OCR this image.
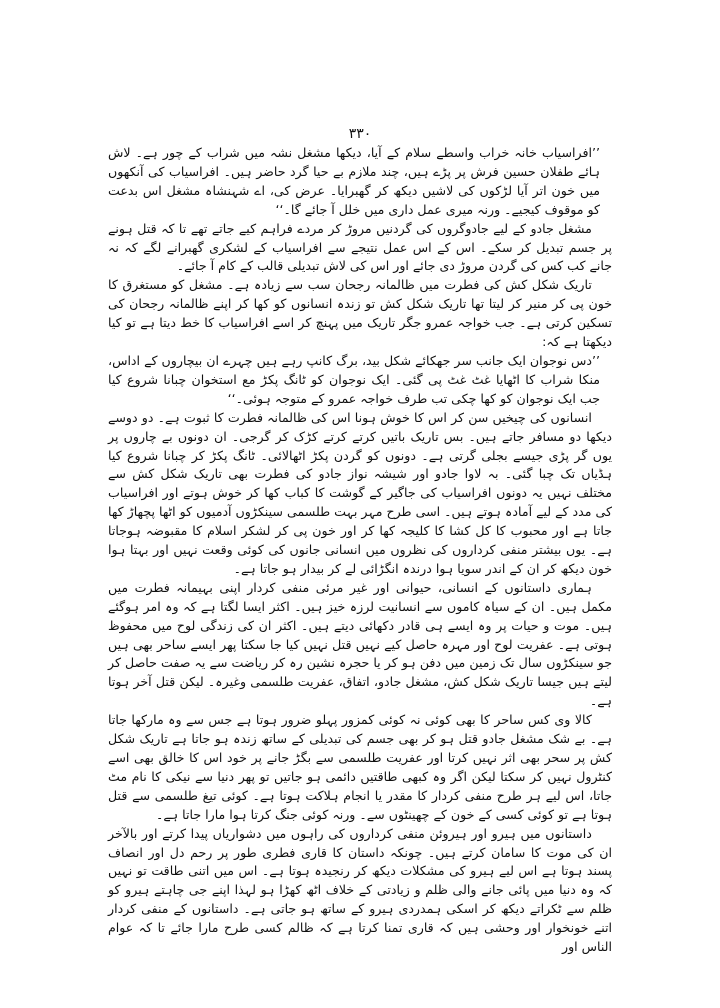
۳۳۰

’’افراسیاب خانہ خراب واسطے سلام کے آیا، دیکھا مشغل نشہ میں شراب کے چور ہے۔ لاش ہائے طفلان حسین فرش پر پڑے ہیں، چند ملازم بے حیا گرد حاضر ہیں۔ افراسیاب کی آنکھوں میں خون اتر آیا لڑکوں کی لاشیں دیکھ کر گھبرایا۔ عرض کی، اے شہنشاہ مشغل اس بدعت کو موقوف کیجیے۔ ورنہ میری عمل داری میں خلل آ جائے گا۔‘‘

مشغل جادو کے لیے جادوگروں کی گردنیں مروڑ کر مردے فراہم کیے جاتے تھے تا کہ قتل ہونے پر جسم تبدیل کر سکے۔ اس کے اس عمل نتیجے سے افراسیاب کے لشکری گھبرانے لگے کہ نہ جانے کب کس کی گردن مروڑ دی جائے اور اس کی لاش تبدیلی قالب کے کام آ جائے۔

تاریک شکل کش کی فطرت میں ظالمانہ رجحان سب سے زیادہ ہے۔ مشغل کو مستغرق کا خون پی کر منیر کر لیتا تھا تاریک شکل کش تو زندہ انسانوں کو کھا کر اپنے ظالمانہ رجحان کی تسکین کرتی ہے۔ جب خواجہ عمرو جگر تاریک میں پہنچ کر اسے افراسیاب کا خط دیتا ہے تو کیا دیکھتا ہے کہ:

’’دس نوجوان ایک جانب سر جھکائے شکل بید، برگ کانپ رہے ہیں چہرے ان بیچاروں کے اداس، منکا شراب کا اٹھایا غٹ غٹ پی گئی۔ ایک نوجوان کو ٹانگ پکڑ مع استخوان چبانا شروع کیا جب ایک نوجوان کو کھا چکی تب طرف خواجہ عمرو کے متوجہ ہوئی۔‘‘

انسانوں کی چیخیں سن کر اس کا خوش ہونا اس کی ظالمانہ فطرت کا ثبوت ہے۔ دو دوسے دیکھا دو مسافر جاتے ہیں۔ بس تاریک باتیں کرتے کرتے کڑک کر گرجی۔ ان دونوں بے چاروں پر یوں گر پڑی جیسے بجلی گرتی ہے۔ دونوں کو گردن پکڑ اٹھالائی۔ ٹانگ پکڑ کر چبانا شروع کیا ہڈیاں تک چبا گئی۔ بہ لاوا جادو اور شیشہ نواز جادو کی فطرت بھی تاریک شکل کش سے مختلف نہیں یہ دونوں افراسیاب کی جاگیر کے گوشت کا کباب کھا کر خوش ہوتے اور افراسیاب کی مدد کے لیے آمادہ ہوتے ہیں۔ اسی طرح مہر بہت طلسمی سینکڑوں آدمیوں کو اٹھا پچھاڑ کھا جاتا ہے اور محبوب کا کل کشا کا کلیجہ کھا کر اور خون پی کر لشکر اسلام کا مقبوضہ ہوجاتا ہے۔ یوں بیشتر منفی کرداروں کی نظروں میں انسانی جانوں کی کوئی وقعت نہیں اور بہتا ہوا خون دیکھ کر ان کے اندر سویا ہوا درندہ انگڑائی لے کر بیدار ہو جاتا ہے۔

ہماری داستانوں کے انسانی، حیوانی اور غیر مرئی منفی کردار اپنی بہیمانہ فطرت میں مکمل ہیں۔ ان کے سیاہ کاموں سے انسانیت لرزہ خیز ہیں۔ اکثر ایسا لگتا ہے کہ وہ امر ہوگئے ہیں۔ موت و حیات پر وہ ایسے ہی قادر دکھائی دیتے ہیں۔ اکثر ان کی زندگی لوح میں محفوظ ہوتی ہے۔ عفریت لوح اور مہرہ حاصل کیے نہیں قتل نہیں کیا جا سکتا پھر ایسے ساحر بھی ہیں جو سینکڑوں سال تک زمین میں دفن ہو کر یا حجرہ نشین رہ کر ریاضت سے یہ صفت حاصل کر لیتے ہیں جیسا تاریک شکل کش، مشغل جادو، اتفاق، عفریت طلسمی وغیرہ۔ لیکن قتل آخر ہوتا ہے۔

کالا وی کس ساحر کا بھی کوئی نہ کوئی کمزور پہلو ضرور ہوتا ہے جس سے وہ مارکھا جاتا ہے۔ بے شک مشغل جادو قتل ہو کر بھی جسم کی تبدیلی کے ساتھ زندہ ہو جاتا ہے تاریک شکل کش پر سحر بھی اثر نہیں کرتا اور عفریت طلسمی سے بگڑ جانے پر خود اس کا خالق بھی اسے کنٹرول نہیں کر سکتا لیکن اگر وہ کبھی طاقتیں دائمی ہو جاتیں تو پھر دنیا سے نیکی کا نام مٹ جاتا، اس لیے ہر طرح منفی کردار کا مقدر یا انجام ہلاکت ہوتا ہے۔ کوئی تیغ طلسمی سے قتل ہوتا ہے تو کوئی کسی کے خون کے چھینٹوں سے۔ ورنہ کوئی جنگ کرتا ہوا مارا جاتا ہے۔

داستانوں میں ہیرو اور ہیروئن منفی کرداروں کی راہوں میں دشواریاں پیدا کرتے اور بالآخر ان کی موت کا سامان کرتے ہیں۔ چونکہ داستان کا قاری فطری طور پر رحم دل اور انصاف پسند ہوتا ہے اس لیے ہیرو کی مشکلات دیکھ کر رنجیدہ ہوتا ہے۔ اس میں اتنی طاقت تو نہیں کہ وہ دنیا میں پائی جانے والی ظلم و زیادتی کے خلاف اٹھ کھڑا ہو لہذا اپنے جی چاہتے ہیرو کو ظلم سے ٹکراتے دیکھ کر اسکی ہمدردی ہیرو کے ساتھ ہو جاتی ہے۔ داستانوں کے منفی کردار اتنے خونخوار اور وحشی ہیں کہ قاری تمنا کرتا ہے کہ ظالم کسی طرح مارا جائے تا کہ عوام الناس اور
